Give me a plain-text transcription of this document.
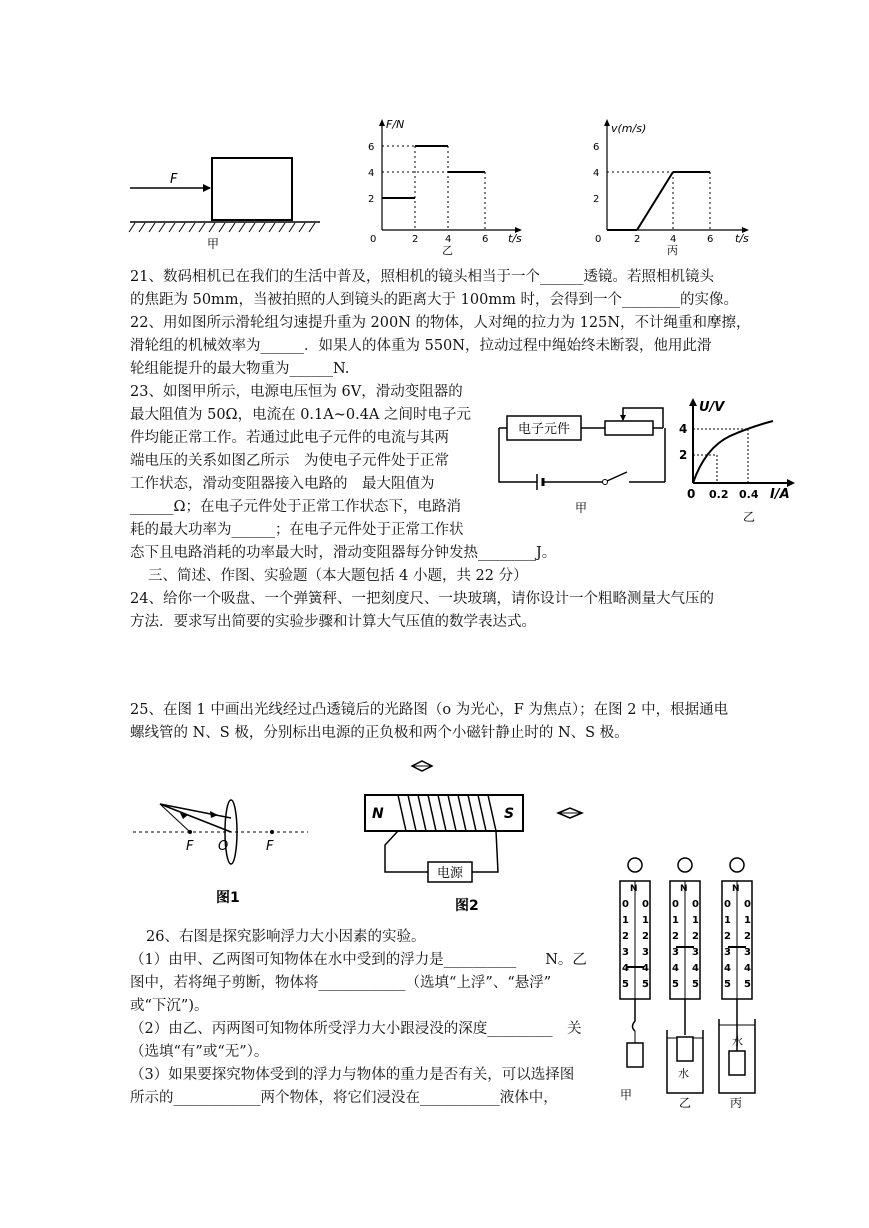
F
甲
F/N
t/s
6
4
2
0	2	4	6
乙
v(m/s)
t/s
6
4
2
0	2	4	6
丙
21、数码相机已在我们的生活中普及，照相机的镜头相当于一个______透镜。若照相机镜头
的焦距为 50mm，当被拍照的人到镜头的距离大于 100mm 时，会得到一个________的实像。
22、用如图所示滑轮组匀速提升重为 200N 的物体，人对绳的拉力为 125N，不计绳重和摩擦，
滑轮组的机械效率为______．如果人的体重为 550N，拉动过程中绳始终未断裂，他用此滑
轮组能提升的最大物重为______N.
23、如图甲所示，电源电压恒为 6V，滑动变阻器的
最大阻值为 50Ω，电流在 0.1A~0.4A 之间时电子元
件均能正常工作。若通过此电子元件的电流与其两
端电压的关系如图乙所示　为使电子元件处于正常
工作状态，滑动变阻器接入电路的　最大阻值为
______Ω；在电子元件处于正常工作状态下，电路消
耗的最大功率为______；在电子元件处于正常工作状
态下且电路消耗的功率最大时，滑动变阻器每分钟发热________J。
电子元件
甲
U/V
I/A
4
2
0 0.2 0.4
乙
三、简述、作图、实验题（本大题包括 4 小题，共 22 分）
24、给你一个吸盘、一个弹簧秤、一把刻度尺、一块玻璃，请你设计一个粗略测量大气压的
方法．要求写出简要的实验步骤和计算大气压值的数学表达式。
25、在图 1 中画出光线经过凸透镜后的光路图（o 为光心，F 为焦点）；在图 2 中，根据通电
螺线管的 N、S 极，分别标出电源的正负极和两个小磁针静止时的 N、S 极。
F O	F
图1
N	S
电源
图2
26、右图是探究影响浮力大小因素的实验。
（1）由甲、乙两图可知物体在水中受到的浮力是__________　　N。乙
图中，若将绳子剪断，物体将____________（选填“上浮”、“悬浮”
或“下沉”)。
（2）由乙、丙两图可知物体所受浮力大小跟浸没的深度_________　关
（选填“有”或“无”）。
（3）如果要探究物体受到的浮力与物体的重力是否有关，可以选择图
所示的____________两个物体，将它们浸没在___________液体中，
N
0 0
1 1
2 2
3 3
4 4
5 5
甲
N
0 0
1 1
2 2
3 3
4 4
5 5
水
乙
N
0 0
1 1
2 2
3 3
4 4
5 5
水
丙
